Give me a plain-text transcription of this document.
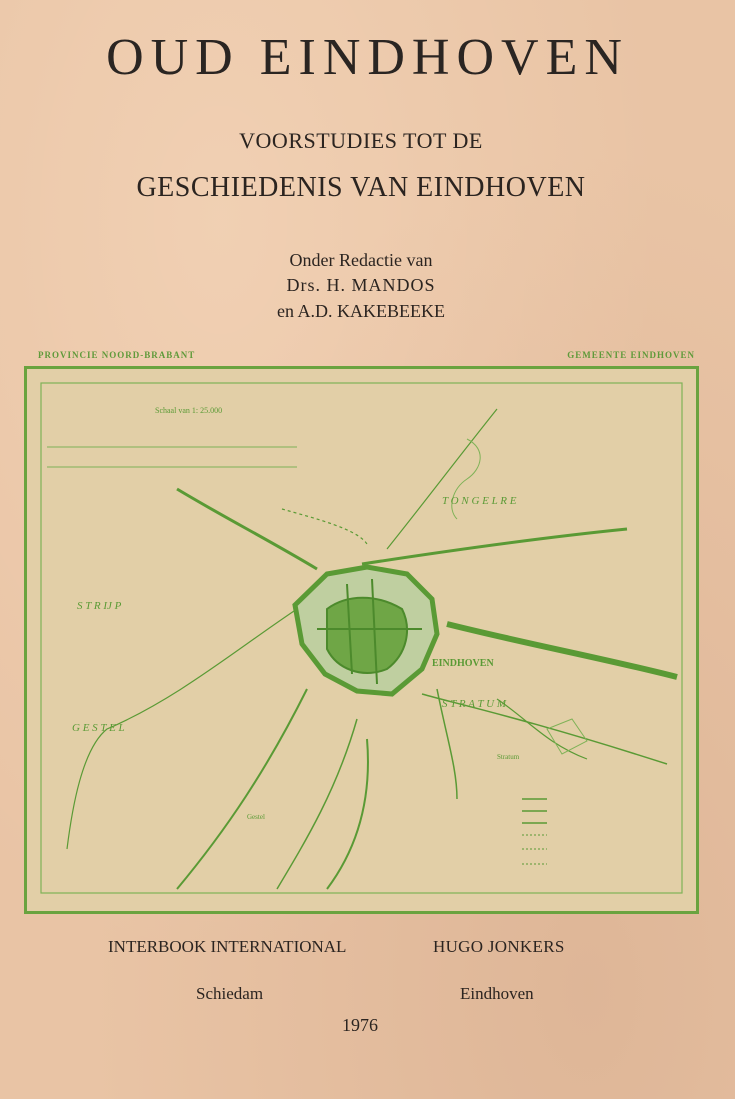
OUD EINDHOVEN
VOORSTUDIES TOT DE
GESCHIEDENIS VAN EINDHOVEN
Onder Redactie van
Drs. H. MANDOS
en A.D. KAKEBEEKE
PROVINCIE NOORD-BRABANT	GEMEENTE EINDHOVEN
Schaal van 1: 25.000
S T R IJ P
T O N G E L R E
S T R A T U M
G E S T E L
EINDHOVEN
Gestel
Stratum
INTERBOOK INTERNATIONAL	HUGO JONKERS
Schiedam	Eindhoven
1976
